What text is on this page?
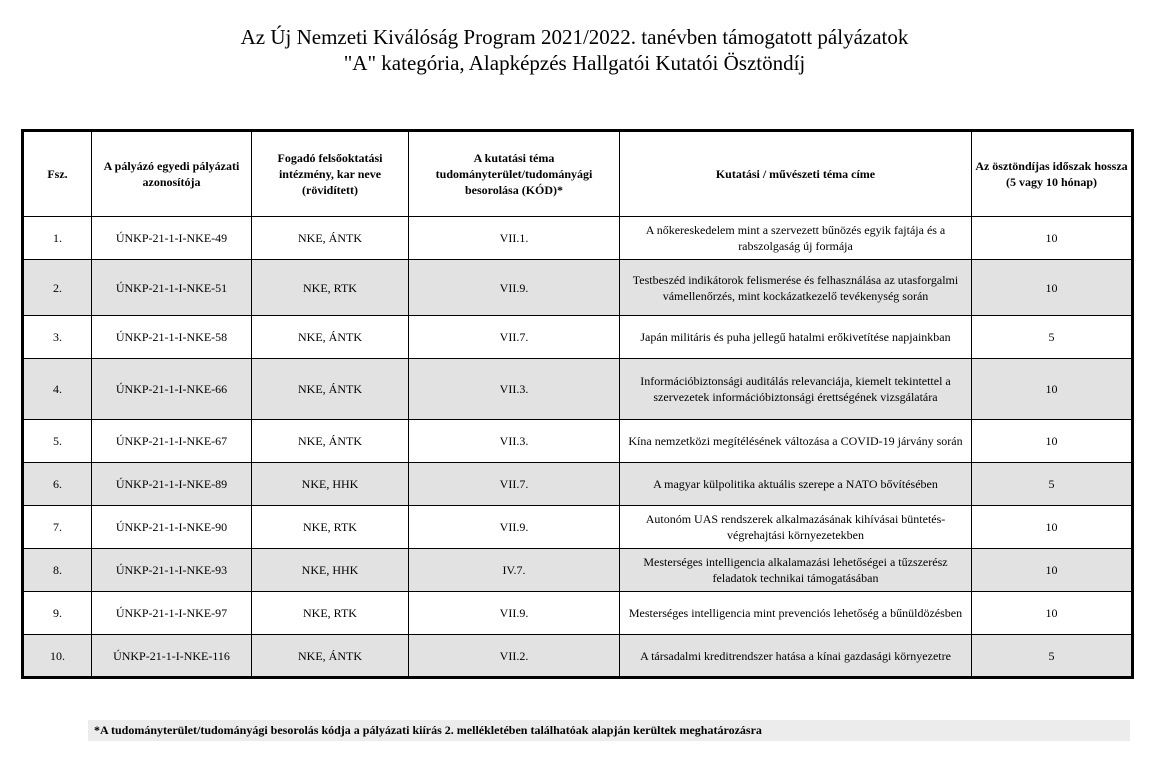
Az Új Nemzeti Kiválóság Program 2021/2022. tanévben támogatott pályázatok
"A" kategória, Alapképzés Hallgatói Kutatói Ösztöndíj
Fsz.	A pályázó egyedi pályázati azonosítója	Fogadó felsőoktatási intézmény, kar neve (rövidített)	A kutatási téma tudományterület/tudományági besorolása (KÓD)*	Kutatási / művészeti téma címe	Az ösztöndíjas időszak hossza (5 vagy 10 hónap)
1.	ÚNKP-21-1-I-NKE-49	NKE, ÁNTK	VII.1.	A nőkereskedelem mint a szervezett bűnözés egyik fajtája és a rabszolgaság új formája	10
2.	ÚNKP-21-1-I-NKE-51	NKE, RTK	VII.9.	Testbeszéd indikátorok felismerése és felhasználása az utasforgalmi vámellenőrzés, mint kockázatkezelő tevékenység során	10
3.	ÚNKP-21-1-I-NKE-58	NKE, ÁNTK	VII.7.	Japán militáris és puha jellegű hatalmi erőkivetítése napjainkban	5
4.	ÚNKP-21-1-I-NKE-66	NKE, ÁNTK	VII.3.	Információbiztonsági auditálás relevanciája, kiemelt tekintettel a szervezetek információbiztonsági érettségének vizsgálatára	10
5.	ÚNKP-21-1-I-NKE-67	NKE, ÁNTK	VII.3.	Kína nemzetközi megítélésének változása a COVID-19 járvány során	10
6.	ÚNKP-21-1-I-NKE-89	NKE, HHK	VII.7.	A magyar külpolitika aktuális szerepe a NATO bővítésében	5
7.	ÚNKP-21-1-I-NKE-90	NKE, RTK	VII.9.	Autonóm UAS rendszerek alkalmazásának kihívásai büntetés-végrehajtási környezetekben	10
8.	ÚNKP-21-1-I-NKE-93	NKE, HHK	IV.7.	Mesterséges intelligencia alkalamazási lehetőségei a tűzszerész feladatok technikai támogatásában	10
9.	ÚNKP-21-1-I-NKE-97	NKE, RTK	VII.9.	Mesterséges intelligencia mint prevenciós lehetőség a bűnüldözésben	10
10.	ÚNKP-21-1-I-NKE-116	NKE, ÁNTK	VII.2.	A társadalmi kreditrendszer hatása a kínai gazdasági környezetre	5
*A tudományterület/tudományági besorolás kódja a pályázati kiírás 2. mellékletében találhatóak alapján kerültek meghatározásra
